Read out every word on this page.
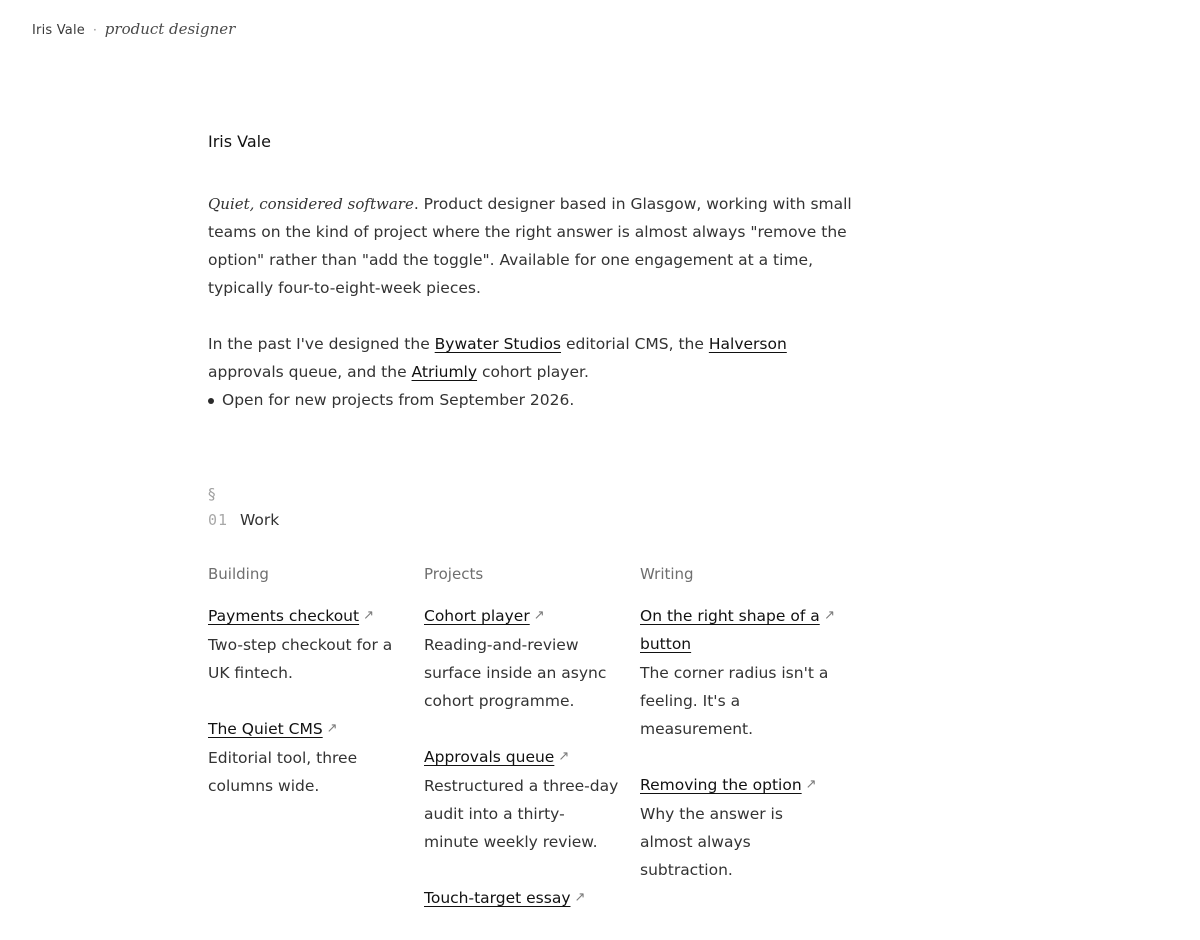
Iris Vale · product designer
Iris Vale

Quiet, considered software. Product designer based in Glasgow, working with small teams on the kind of project where the right answer is almost always "remove the option" rather than "add the toggle". Available for one engagement at a time, typically four-to-eight-week pieces.

In the past I've designed the Bywater Studios editorial CMS, the Halverson approvals queue, and the Atriumly cohort player.

Open for new projects from September 2026.
§
01 Work
Building
Payments checkout ↗
Two-step checkout for a UK fintech.
The Quiet CMS ↗
Editorial tool, three columns wide.
Projects
Cohort player ↗
Reading-and-review surface inside an async cohort programme.
Approvals queue ↗
Restructured a three-day audit into a thirty-minute weekly review.
Touch-target essay ↗
Writing
On the right shape of a button
↗
The corner radius isn't a feeling. It's a measurement.
Removing the option ↗
Why the answer is almost always subtraction.
